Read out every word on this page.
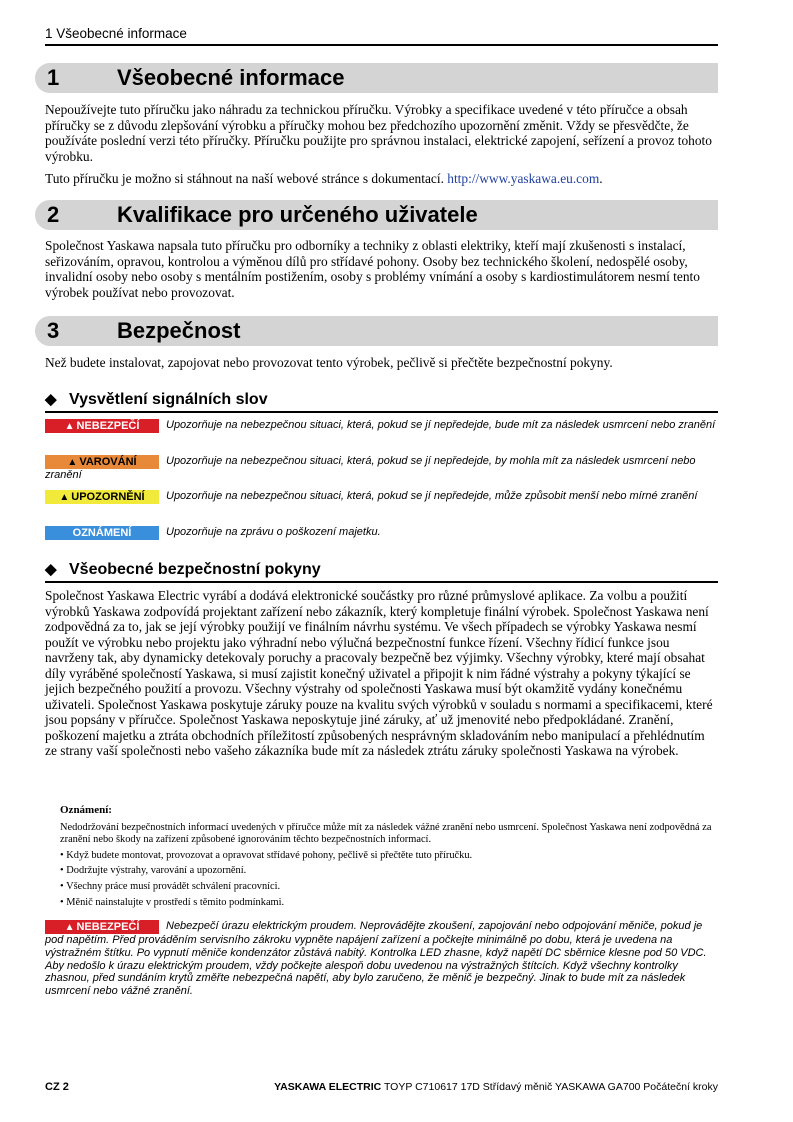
1 Všeobecné informace
1	Všeobecné informace

Nepoužívejte tuto příručku jako náhradu za technickou příručku. Výrobky a specifikace uvedené v této příručce a obsah příručky se z důvodu zlepšování výrobku a příručky mohou bez předchozího upozornění změnit. Vždy se přesvědčte, že používáte poslední verzi této příručky. Příručku použijte pro správnou instalaci, elektrické zapojení, seřízení a provoz tohoto výrobku.

Tuto příručku je možno si stáhnout na naší webové stránce s dokumentací. http://www.yaskawa.eu.com.

2	Kvalifikace pro určeného uživatele

Společnost Yaskawa napsala tuto příručku pro odborníky a techniky z oblasti elektriky, kteří mají zkušenosti s instalací, seřizováním, opravou, kontrolou a výměnou dílů pro střídavé pohony. Osoby bez technického školení, nedospělé osoby, invalidní osoby nebo osoby s mentálním postižením, osoby s problémy vnímání a osoby s kardiostimulátorem nesmí tento výrobek používat nebo provozovat.

3	Bezpečnost

Než budete instalovat, zapojovat nebo provozovat tento výrobek, pečlivě si přečtěte bezpečnostní pokyny.

◆ Vysvětlení signálních slov
▲ NEBEZPEČÍ Upozorňuje na nebezpečnou situaci, která, pokud se jí nepředejde, bude mít za následek usmrcení nebo zranění
▲ VAROVÁNÍ	Upozorňuje na nebezpečnou situaci, která, pokud se jí nepředejde, by mohla mít za následek usmrcení nebo zranění
▲ UPOZORNĚNÍ Upozorňuje na nebezpečnou situaci, která, pokud se jí nepředejde, může způsobit menší nebo mírné zranění
OZNÁMENÍ	Upozorňuje na zprávu o poškození majetku.
◆ Všeobecné bezpečnostní pokyny

Společnost Yaskawa Electric vyrábí a dodává elektronické součástky pro různé průmyslové aplikace. Za volbu a použití výrobků Yaskawa zodpovídá projektant zařízení nebo zákazník, který kompletuje finální výrobek. Společnost Yaskawa není zodpovědná za to, jak se její výrobky použijí ve finálním návrhu systému. Ve všech případech se výrobky Yaskawa nesmí použít ve výrobku nebo projektu jako výhradní nebo výlučná bezpečnostní funkce řízení. Všechny řídicí funkce jsou navrženy tak, aby dynamicky detekovaly poruchy a pracovaly bezpečně bez výjimky. Všechny výrobky, které mají obsahat díly vyráběné společností Yaskawa, si musí zajistit konečný uživatel a připojit k nim řádné výstrahy a pokyny týkající se jejich bezpečného použití a provozu. Všechny výstrahy od společnosti Yaskawa musí být okamžitě vydány konečnému uživateli. Společnost Yaskawa poskytuje záruky pouze na kvalitu svých výrobků v souladu s normami a specifikacemi, které jsou popsány v příručce. Společnost Yaskawa neposkytuje jiné záruky, ať už jmenovité nebo předpokládané. Zranění, poškození majetku a ztráta obchodních příležitostí způsobených nesprávným skladováním nebo manipulací a přehlédnutím ze strany vaší společnosti nebo vašeho zákazníka bude mít za následek ztrátu záruky společnosti Yaskawa na výrobek.

Oznámení:
Nedodržování bezpečnostních informací uvedených v příručce může mít za následek vážné zranění nebo usmrcení. Společnost Yaskawa není zodpovědná za zranění nebo škody na zařízení způsobené ignorováním těchto bezpečnostních informací.
• Když budete montovat, provozovat a opravovat střídavé pohony, pečlivě si přečtěte tuto příručku.
• Dodržujte výstrahy, varování a upozornění.
• Všechny práce musí provádět schválení pracovníci.
• Měnič nainstalujte v prostředí s těmito podmínkami.
▲ NEBEZPEČÍ Nebezpečí úrazu elektrickým proudem. Neprovádějte zkoušení, zapojování nebo odpojování měniče, pokud je pod napětím. Před prováděním servisního zákroku vypněte napájení zařízení a počkejte minimálně po dobu, která je uvedena na výstražném štítku. Po vypnutí měniče kondenzátor zůstává nabitý. Kontrolka LED zhasne, když napětí DC sběrnice klesne pod 50 VDC. Aby nedošlo k úrazu elektrickým proudem, vždy počkejte alespoň dobu uvedenou na výstražných štítcích. Když všechny kontrolky zhasnou, před sundáním krytů změřte nebezpečná napětí, aby bylo zaručeno, že měnič je bezpečný. Jinak to bude mít za následek usmrcení nebo vážné zranění.
CZ 2	YASKAWA ELECTRIC TOYP C710617 17D Střídavý měnič YASKAWA GA700 Počáteční kroky
